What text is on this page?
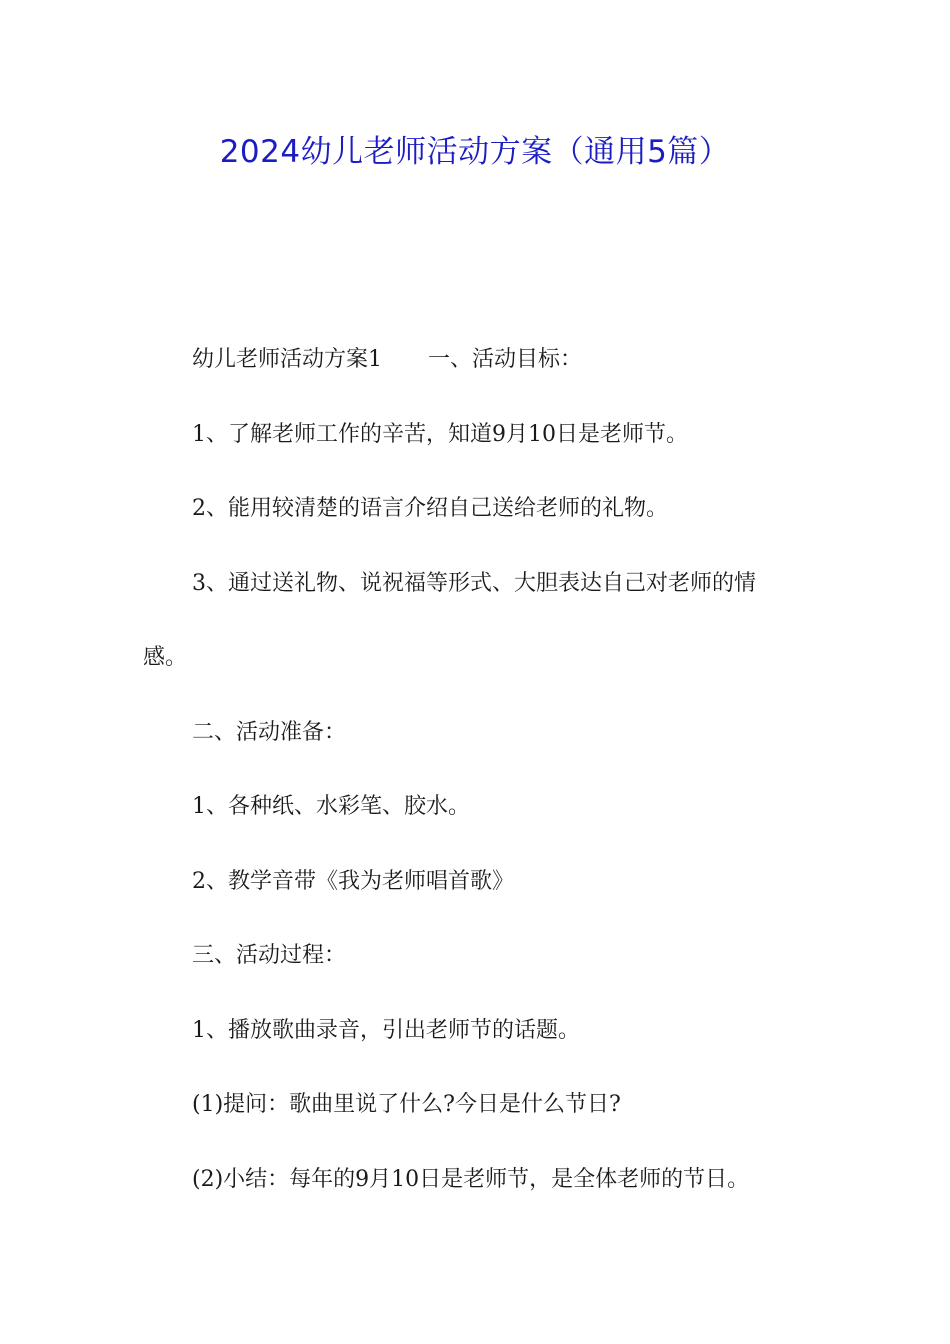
2024幼儿老师活动方案（通用5篇）

幼儿老师活动方案1 一、活动目标：

1、了解老师工作的辛苦，知道9月10日是老师节。

2、能用较清楚的语言介绍自己送给老师的礼物。

3、通过送礼物、说祝福等形式、大胆表达自己对老师的情

感。

二、活动准备：

1、各种纸、水彩笔、胶水。

2、教学音带《我为老师唱首歌》

三、活动过程：

1、播放歌曲录音，引出老师节的话题。

(1)提问：歌曲里说了什么?今日是什么节日?

(2)小结：每年的9月10日是老师节，是全体老师的节日。
